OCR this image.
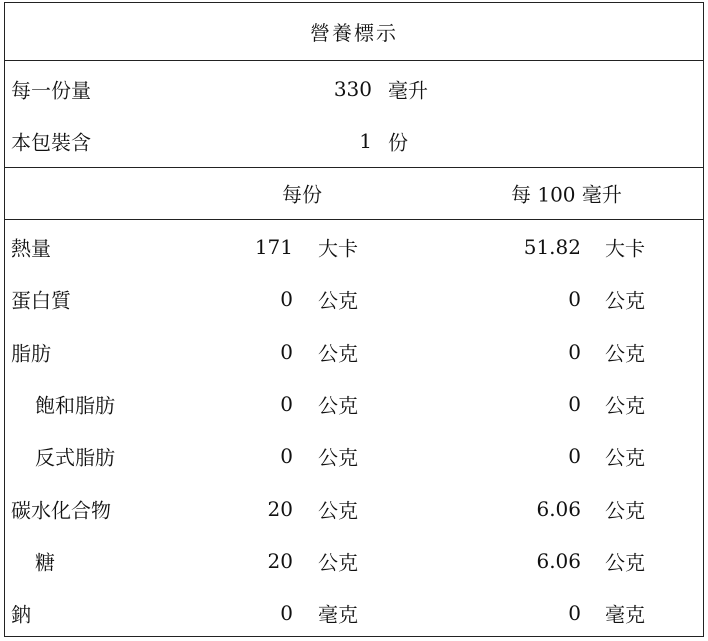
營養標示
每一份量	330 毫升
本包裝含	1 份
每份	每 100 毫升
熱量	171 大卡	51.82 大卡
蛋白質	0 公克	0 公克
脂肪	0 公克	0 公克
飽和脂肪	0 公克	0 公克
反式脂肪	0 公克	0 公克
碳水化合物	20 公克	6.06 公克
糖	20 公克	6.06 公克
鈉	0 毫克	0 毫克
